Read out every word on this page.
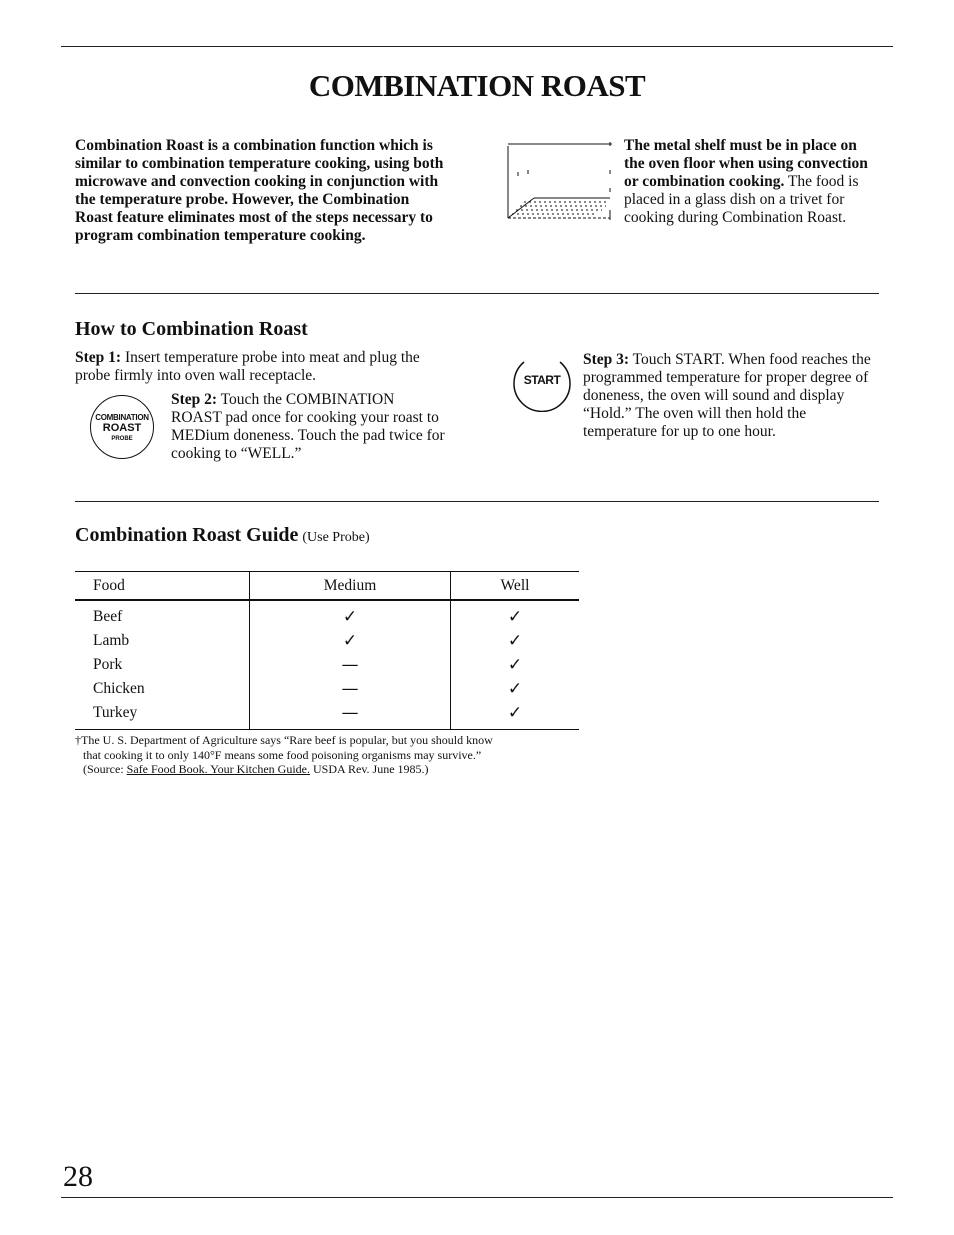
COMBINATION ROAST
Combination Roast is a combination function which is similar to combination temperature cooking, using both microwave and convection cooking in conjunction with the temperature probe. However, the Combination Roast feature eliminates most of the steps necessary to program combination temperature cooking.
The metal shelf must be in place on the oven floor when using convection or combination cooking. The food is placed in a glass dish on a trivet for cooking during Combination Roast.
How to Combination Roast
Step 1: Insert temperature probe into meat and plug the probe firmly into oven wall receptacle.
COMBINATION
ROAST
PROBE
Step 2: Touch the COMBINATION ROAST pad once for cooking your roast to MEDium doneness. Touch the pad twice for cooking to “WELL.”
START
Step 3: Touch START. When food reaches the programmed temperature for proper degree of doneness, the oven will sound and display “Hold.” The oven will then hold the temperature for up to one hour.
Combination Roast Guide (Use Probe)
Food	Medium	Well
Beef	✓	✓
Lamb	✓	✓
Pork	—	✓
Chicken	—	✓
Turkey	—	✓
†The U. S. Department of Agriculture says “Rare beef is popular, but you should know
that cooking it to only 140°F means some food poisoning organisms may survive.”
(Source: Safe Food Book. Your Kitchen Guide. USDA Rev. June 1985.)
28
